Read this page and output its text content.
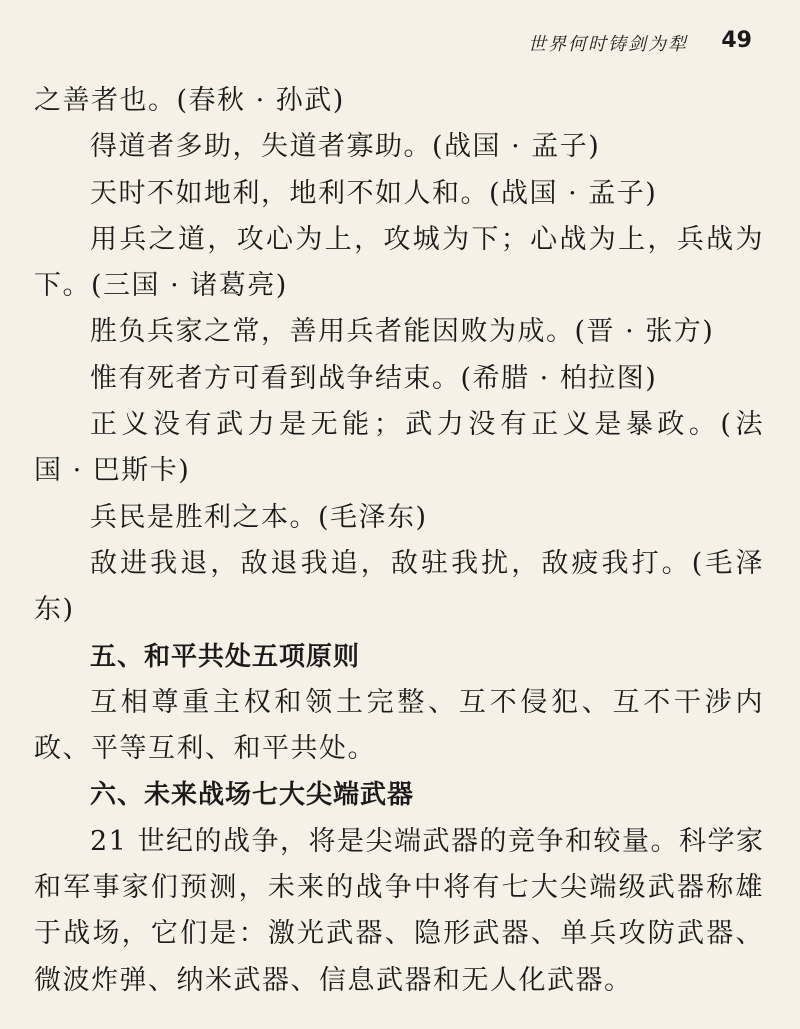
世界何时铸剑为犁 49
之善者也。(春秋 · 孙武)
得道者多助，失道者寡助。(战国 · 孟子)
天时不如地利，地利不如人和。(战国 · 孟子)
用兵之道，攻心为上，攻城为下；心战为上，兵战为
下。(三国 · 诸葛亮)
胜负兵家之常，善用兵者能因败为成。(晋 · 张方)
惟有死者方可看到战争结束。(希腊 · 柏拉图)
正义没有武力是无能；武力没有正义是暴政。(法
国 · 巴斯卡)
兵民是胜利之本。(毛泽东)
敌进我退，敌退我追，敌驻我扰，敌疲我打。(毛泽
东)
五、和平共处五项原则
互相尊重主权和领土完整、互不侵犯、互不干涉内
政、平等互利、和平共处。
六、未来战场七大尖端武器
21 世纪的战争，将是尖端武器的竞争和较量。科学家
和军事家们预测，未来的战争中将有七大尖端级武器称雄
于战场，它们是：激光武器、隐形武器、单兵攻防武器、
微波炸弹、纳米武器、信息武器和无人化武器。
